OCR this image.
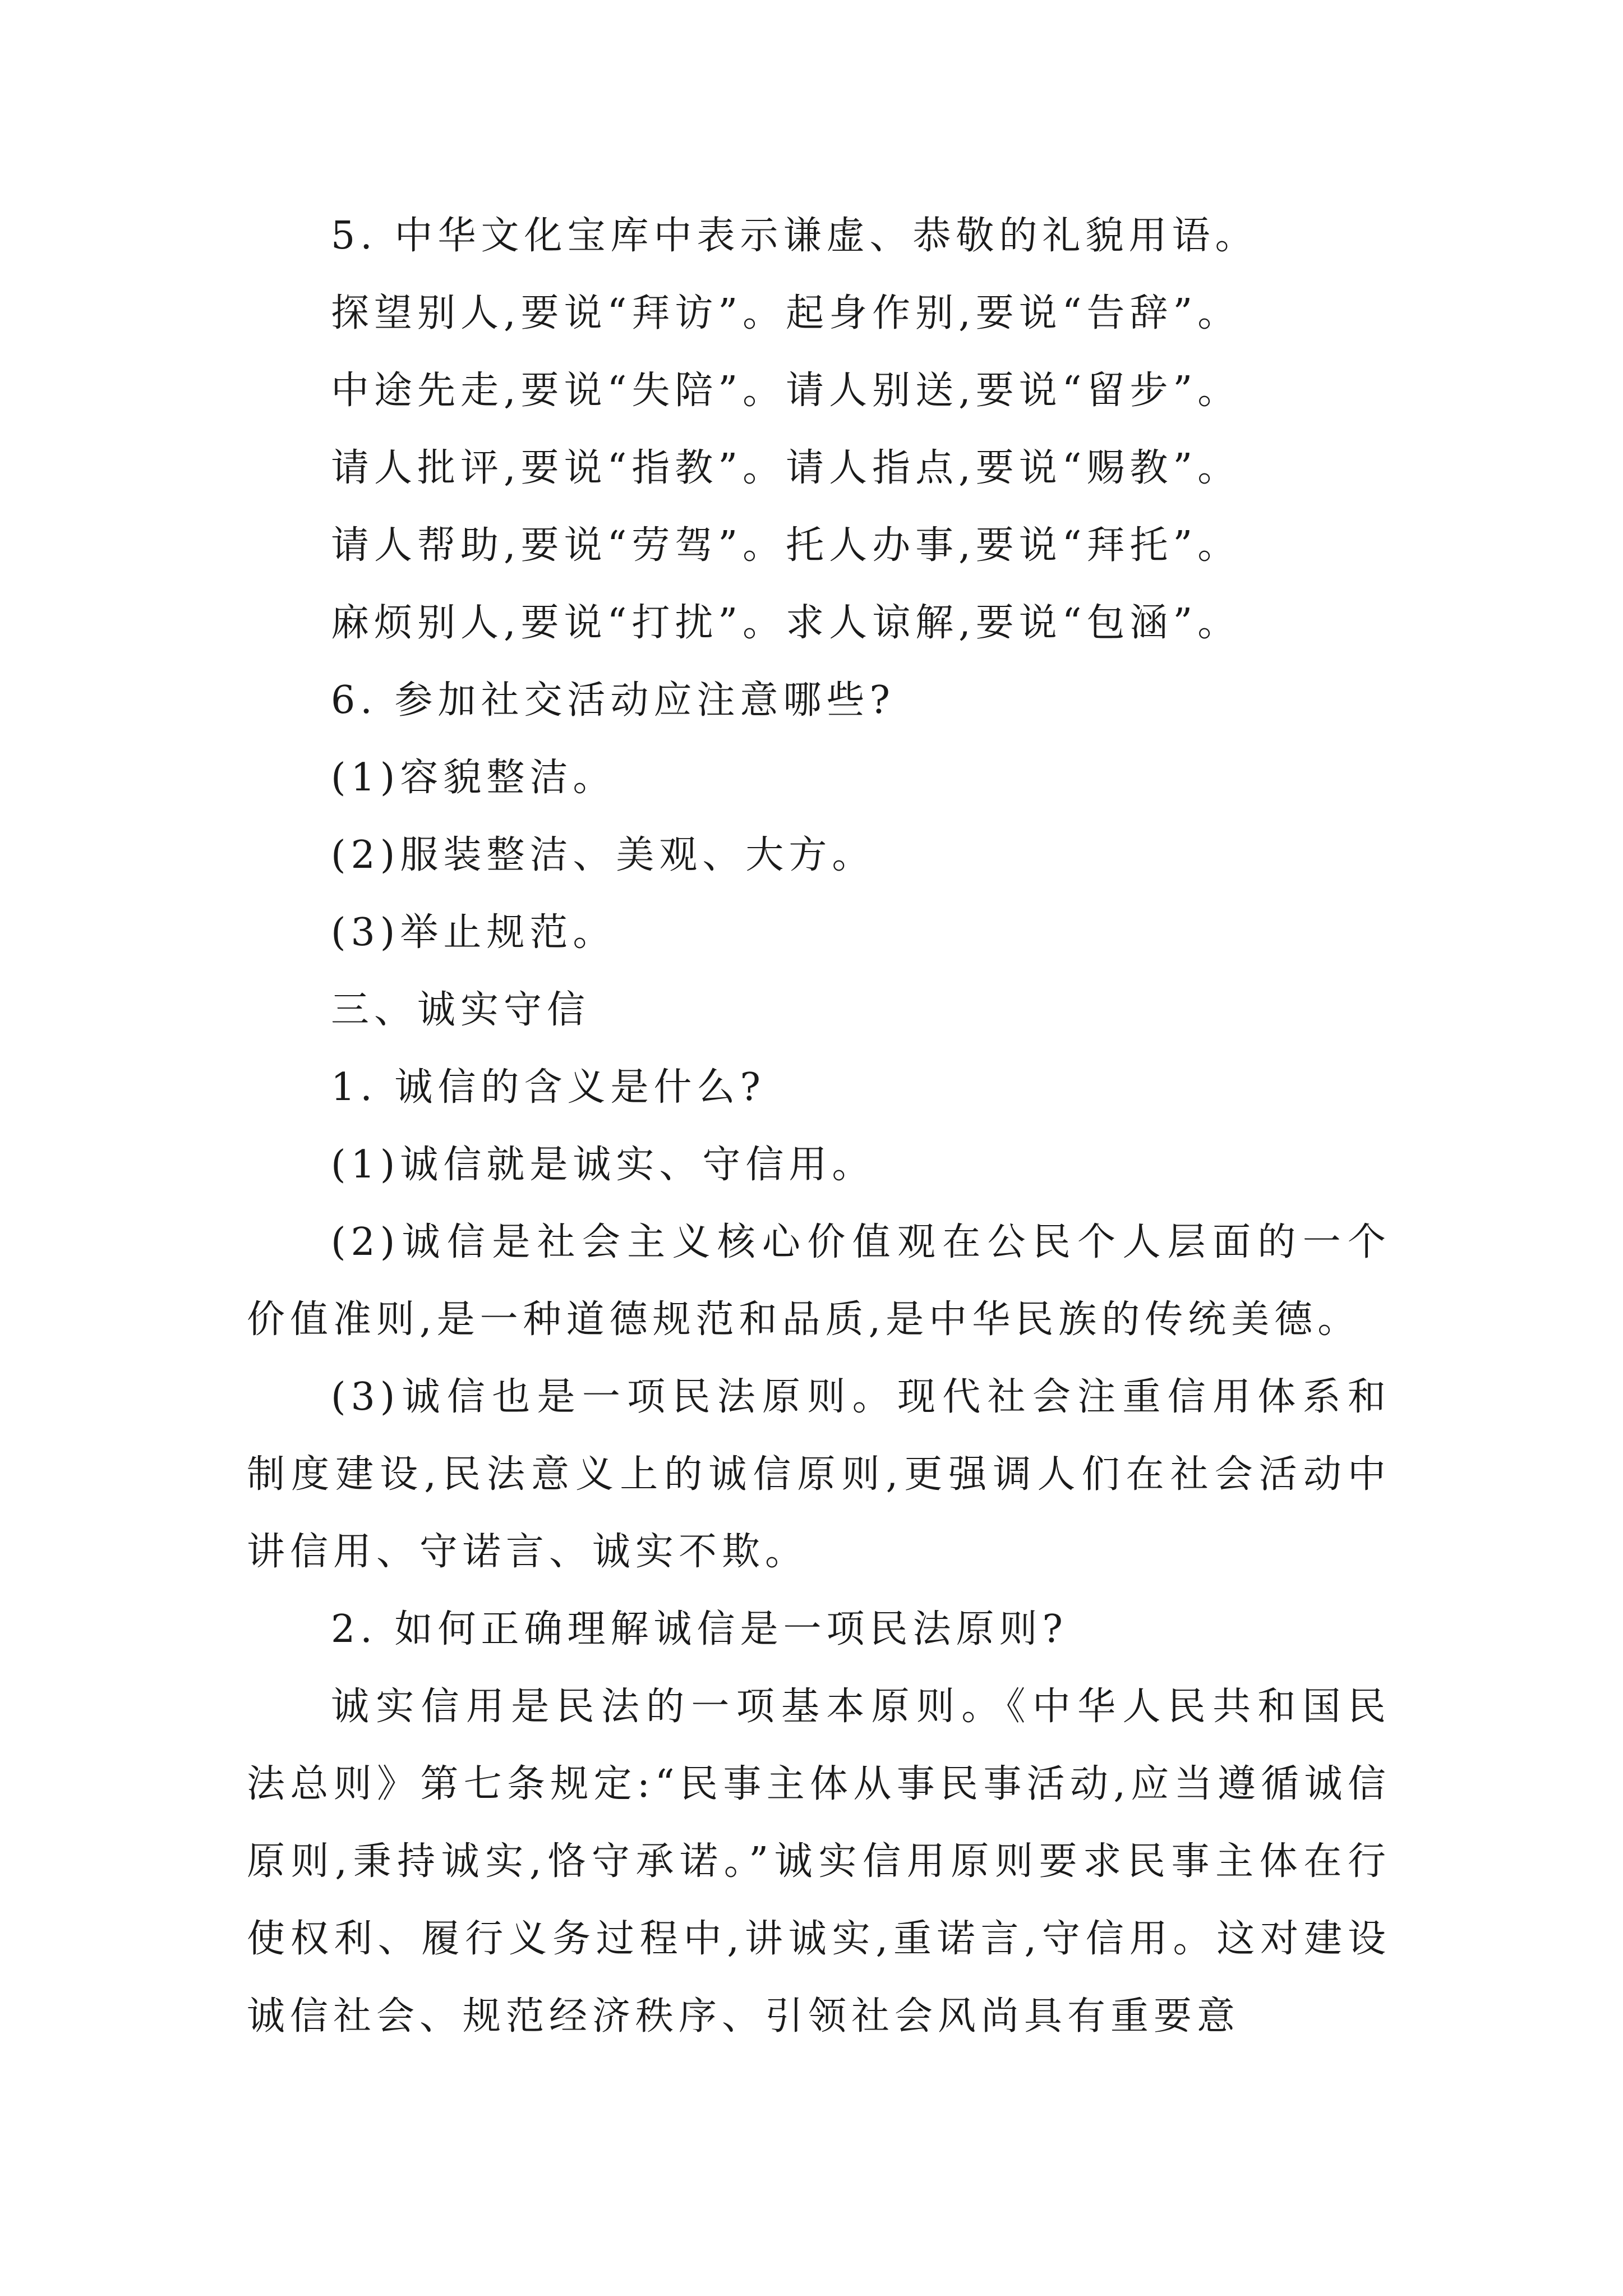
5. 中华文化宝库中表示谦虚、恭敬的礼貌用语。
探望别人,要说“拜访”。起身作别,要说“告辞”。
中途先走,要说“失陪”。请人别送,要说“留步”。
请人批评,要说“指教”。请人指点,要说“赐教”。
请人帮助,要说“劳驾”。托人办事,要说“拜托”。
麻烦别人,要说“打扰”。求人谅解,要说“包涵”。
6. 参加社交活动应注意哪些?
(1)容貌整洁。
(2)服装整洁、美观、大方。
(3)举止规范。
三、诚实守信
1. 诚信的含义是什么?
(1)诚信就是诚实、守信用。

(2)诚信是社会主义核心价值观在公民个人层面的一个价值准则,是一种道德规范和品质,是中华民族的传统美德。

(3)诚信也是一项民法原则。现代社会注重信用体系和制度建设,民法意义上的诚信原则,更强调人们在社会活动中讲信用、守诺言、诚实不欺。

2. 如何正确理解诚信是一项民法原则?

诚实信用是民法的一项基本原则。《中华人民共和国民法总则》第七条规定:“民事主体从事民事活动,应当遵循诚信原则,秉持诚实,恪守承诺。”诚实信用原则要求民事主体在行使权利、履行义务过程中,讲诚实,重诺言,守信用。这对建设诚信社会、规范经济秩序、引领社会风尚具有重要意
